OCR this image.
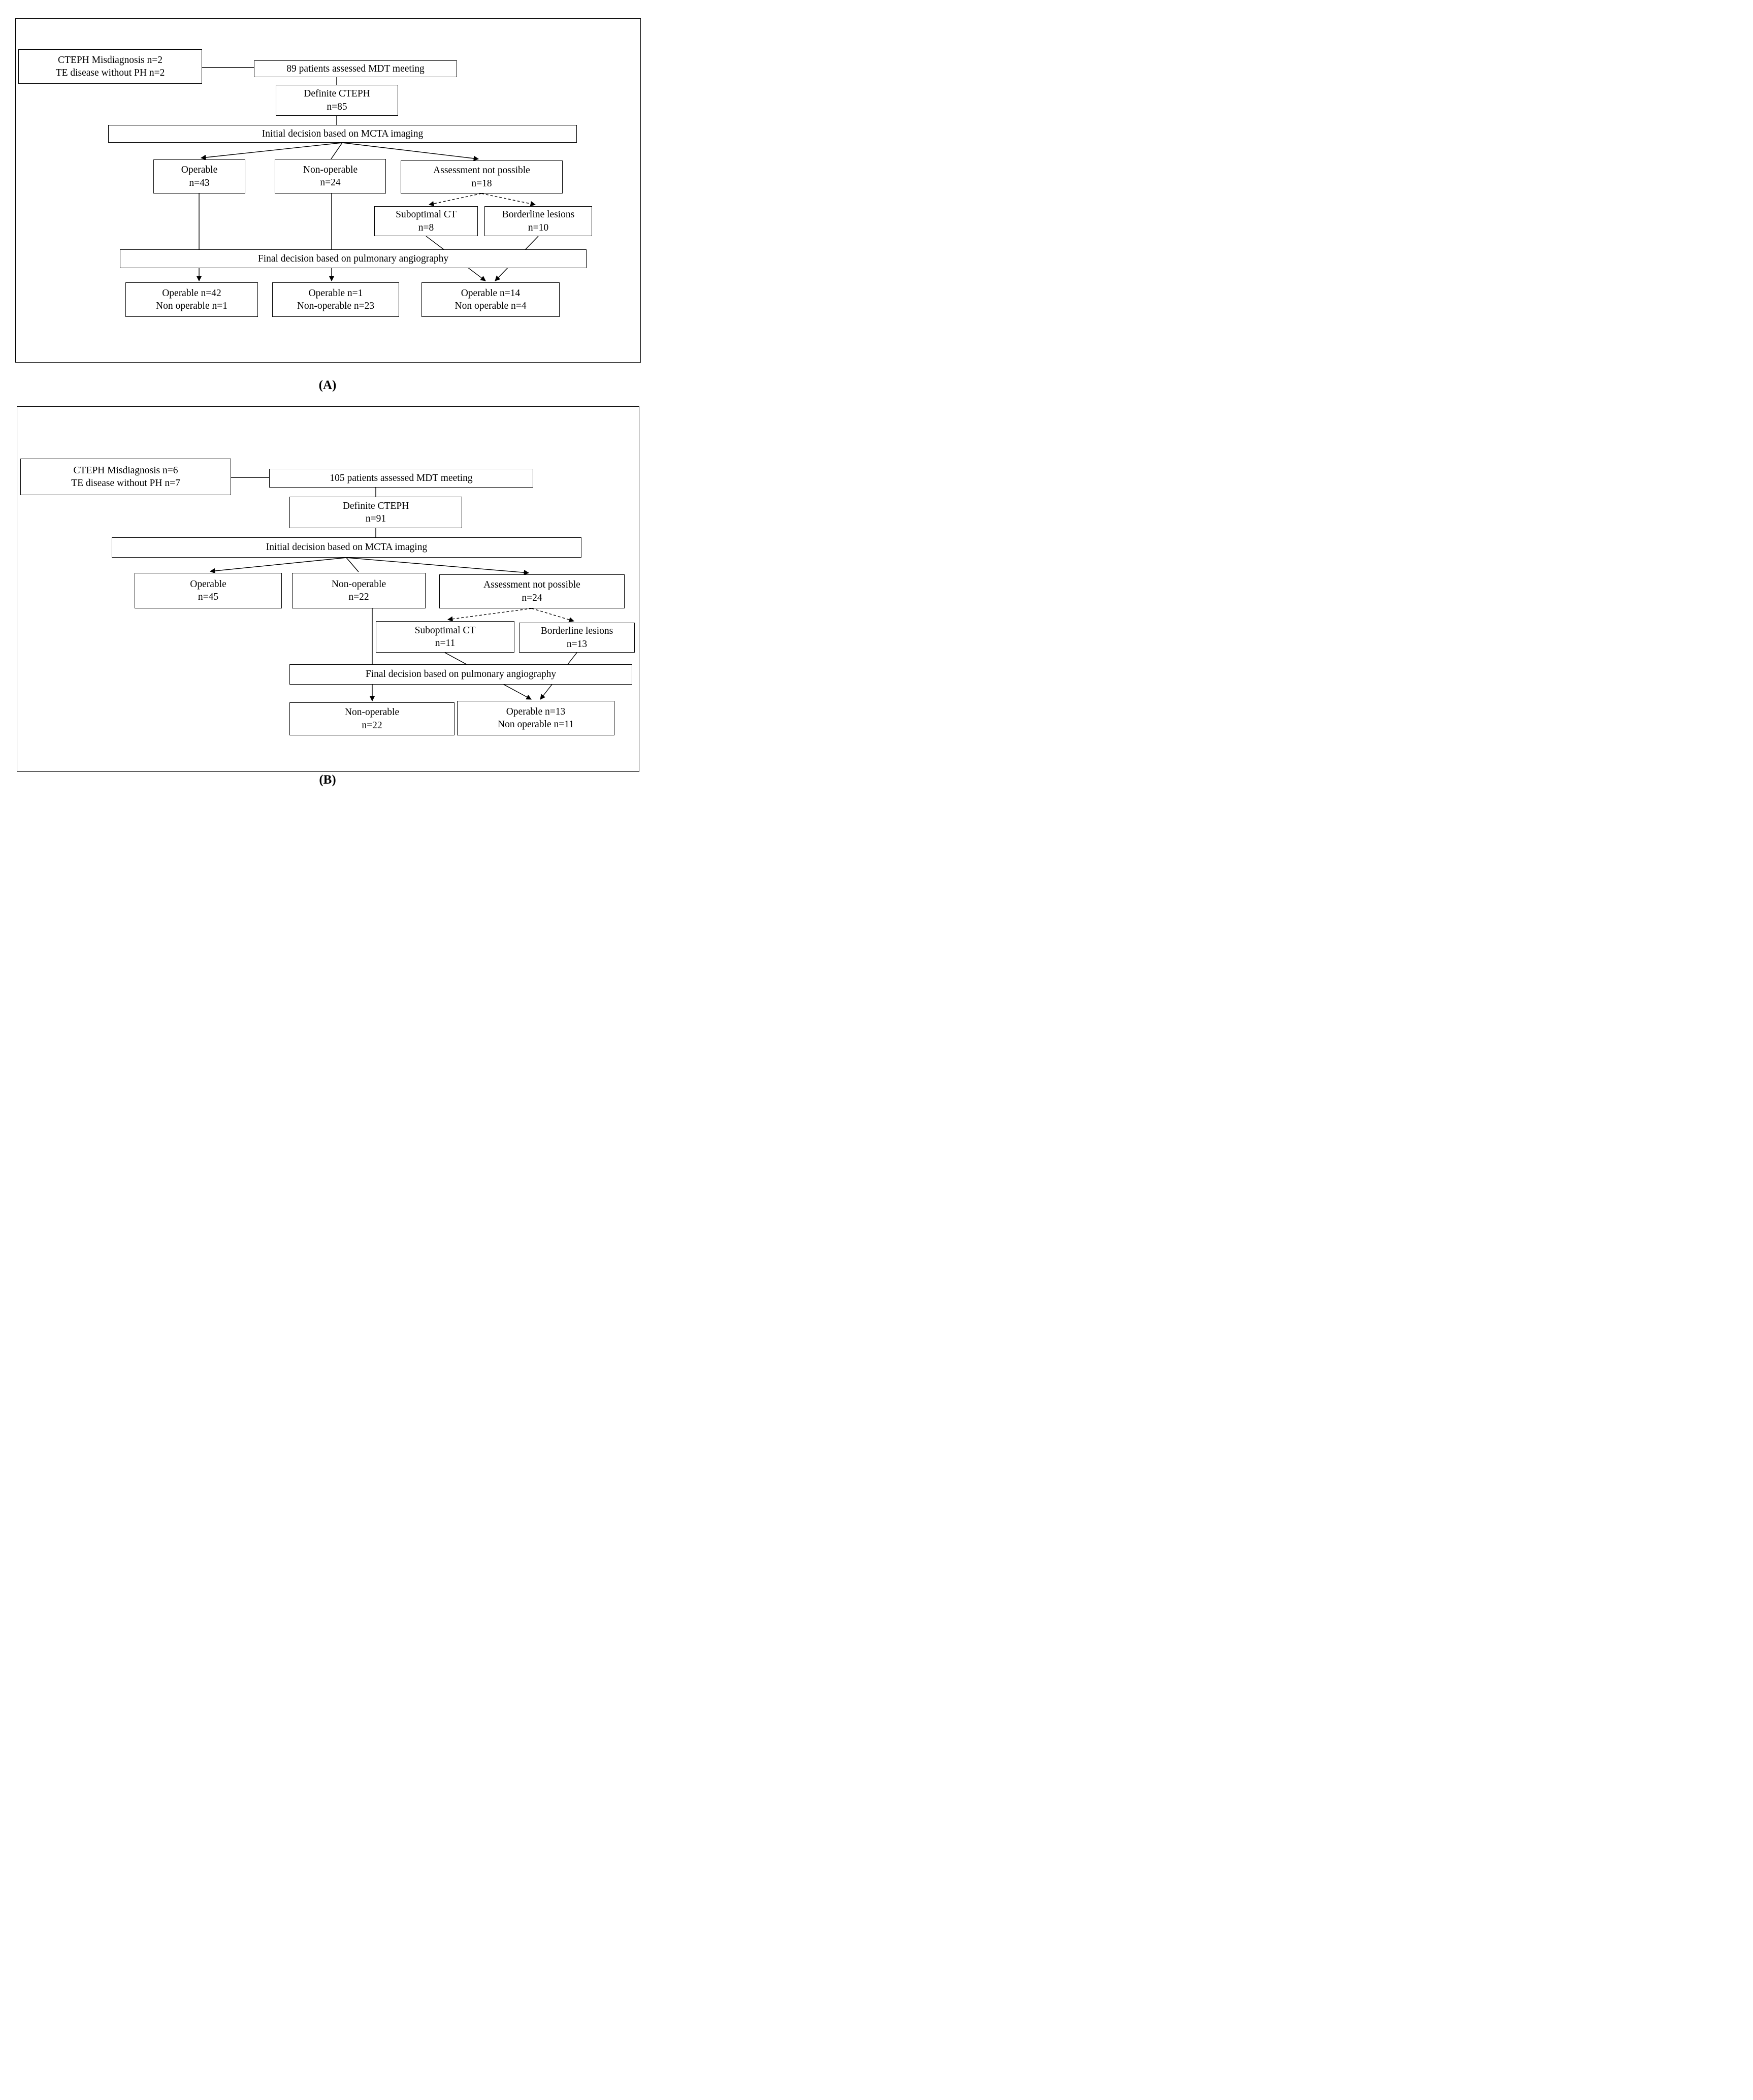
CTEPH Misdiagnosis n=2
TE disease without PH n=2	89 patients assessed MDT meeting
Definite CTEPH
n=85
Initial decision based on MCTA imaging
Operable
n=43
Non-operable
n=24
Assessment not possible
n=18
Suboptimal CT
n=8
Borderline lesions
n=10
Final decision based on pulmonary angiography
Operable n=42
Non operable n=1
Operable n=1
Non-operable n=23
Operable n=14
Non operable n=4
(A)
CTEPH Misdiagnosis n=6
TE disease without PH n=7	105 patients assessed MDT meeting
Definite CTEPH
n=91
Initial decision based on MCTA imaging
Operable
n=45
Non-operable
n=22
Assessment not possible
n=24
Suboptimal CT
n=11
Borderline lesions
n=13
Final decision based on pulmonary angiography
Non-operable
n=22
Operable n=13
Non operable n=11
(B)
